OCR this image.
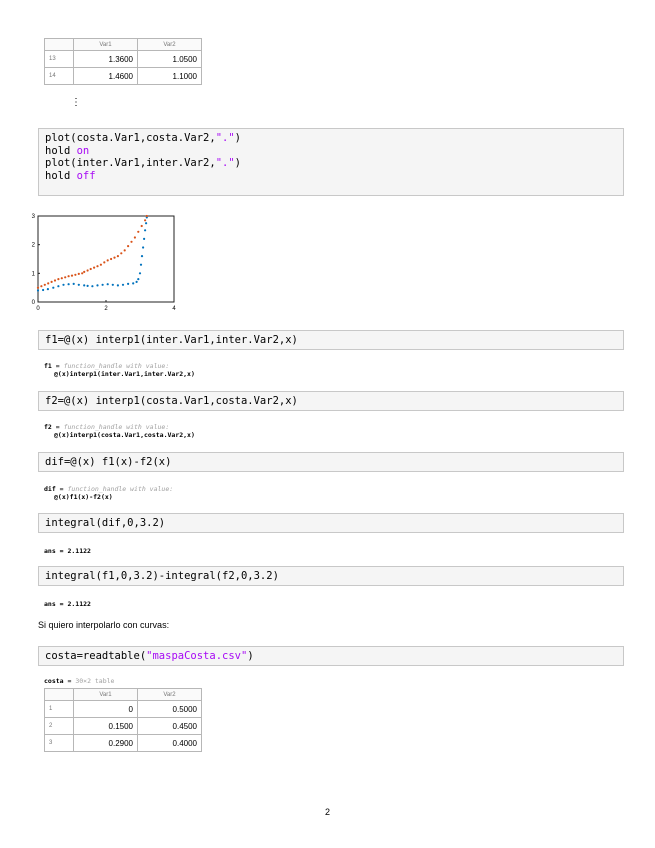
	Var1	Var2
13	1.3600	1.0500
14	1.4600	1.1000
⋮
plot(costa.Var1,costa.Var2,".")
hold on
plot(inter.Var1,inter.Var2,".")
hold off
0	2	4
0
1
2
3
f1=@(x) interp1(inter.Var1,inter.Var2,x)
f1 = function_handle with value:
@(x)interp1(inter.Var1,inter.Var2,x)
f2=@(x) interp1(costa.Var1,costa.Var2,x)
f2 = function_handle with value:
@(x)interp1(costa.Var1,costa.Var2,x)
dif=@(x) f1(x)-f2(x)
dif = function_handle with value:
@(x)f1(x)-f2(x)
integral(dif,0,3.2)
ans = 2.1122
integral(f1,0,3.2)-integral(f2,0,3.2)
ans = 2.1122
Si quiero interpolarlo con curvas:
costa=readtable("maspaCosta.csv")
costa = 30×2 table
	Var1	Var2
1	0	0.5000
2	0.1500	0.4500
3	0.2900	0.4000
2
